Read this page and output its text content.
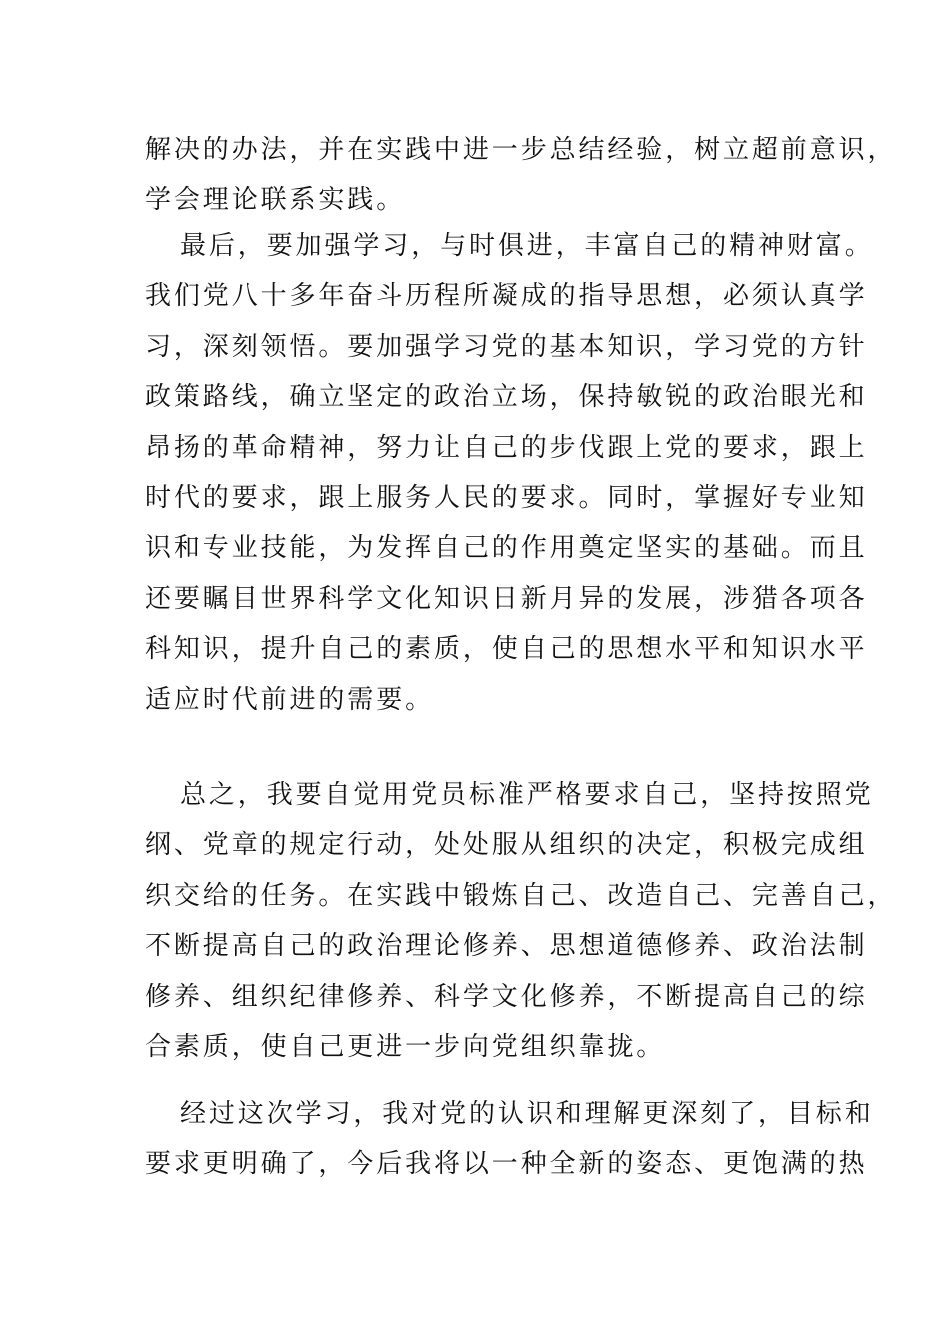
解决的办法，并在实践中进一步总结经验，树立超前意识，
学会理论联系实践。
最后，要加强学习，与时俱进，丰富自己的精神财富。
我们党八十多年奋斗历程所凝成的指导思想，必须认真学
习，深刻领悟。要加强学习党的基本知识，学习党的方针
政策路线，确立坚定的政治立场，保持敏锐的政治眼光和
昂扬的革命精神，努力让自己的步伐跟上党的要求，跟上
时代的要求，跟上服务人民的要求。同时，掌握好专业知
识和专业技能，为发挥自己的作用奠定坚实的基础。而且
还要瞩目世界科学文化知识日新月异的发展，涉猎各项各
科知识，提升自己的素质，使自己的思想水平和知识水平
适应时代前进的需要。
总之，我要自觉用党员标准严格要求自己，坚持按照党
纲、党章的规定行动，处处服从组织的决定，积极完成组
织交给的任务。在实践中锻炼自己、改造自己、完善自己，
不断提高自己的政治理论修养、思想道德修养、政治法制
修养、组织纪律修养、科学文化修养，不断提高自己的综
合素质，使自己更进一步向党组织靠拢。
经过这次学习，我对党的认识和理解更深刻了，目标和
要求更明确了，今后我将以一种全新的姿态、更饱满的热
